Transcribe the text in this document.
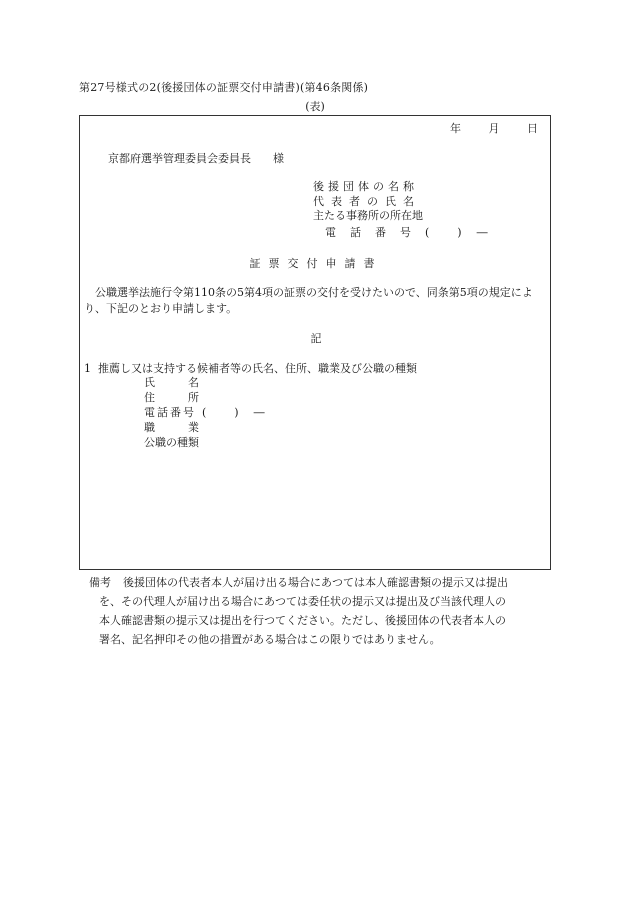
第27号様式の2(後援団体の証票交付申請書)(第46条関係)
(表)
年	月	日
京都府選挙管理委員会委員長 様
後援団体の名称
代表者の氏名
主たる事務所の所在地
電話番号(　　)　―
証票交付申請書
公職選挙法施行令第110条の5第4項の証票の交付を受けたいので、同条第5項の規定により、下記のとおり申請します。
記
1 推薦し又は支持する候補者等の氏名、住所、職業及び公職の種類
氏　　　名
住　　　所
電話番号 (　　)　―
職　　　業
公職の種類
備考 後援団体の代表者本人が届け出る場合にあつては本人確認書類の提示又は提出
を、その代理人が届け出る場合にあつては委任状の提示又は提出及び当該代理人の
本人確認書類の提示又は提出を行つてください。ただし、後援団体の代表者本人の
署名、記名押印その他の措置がある場合はこの限りではありません。
